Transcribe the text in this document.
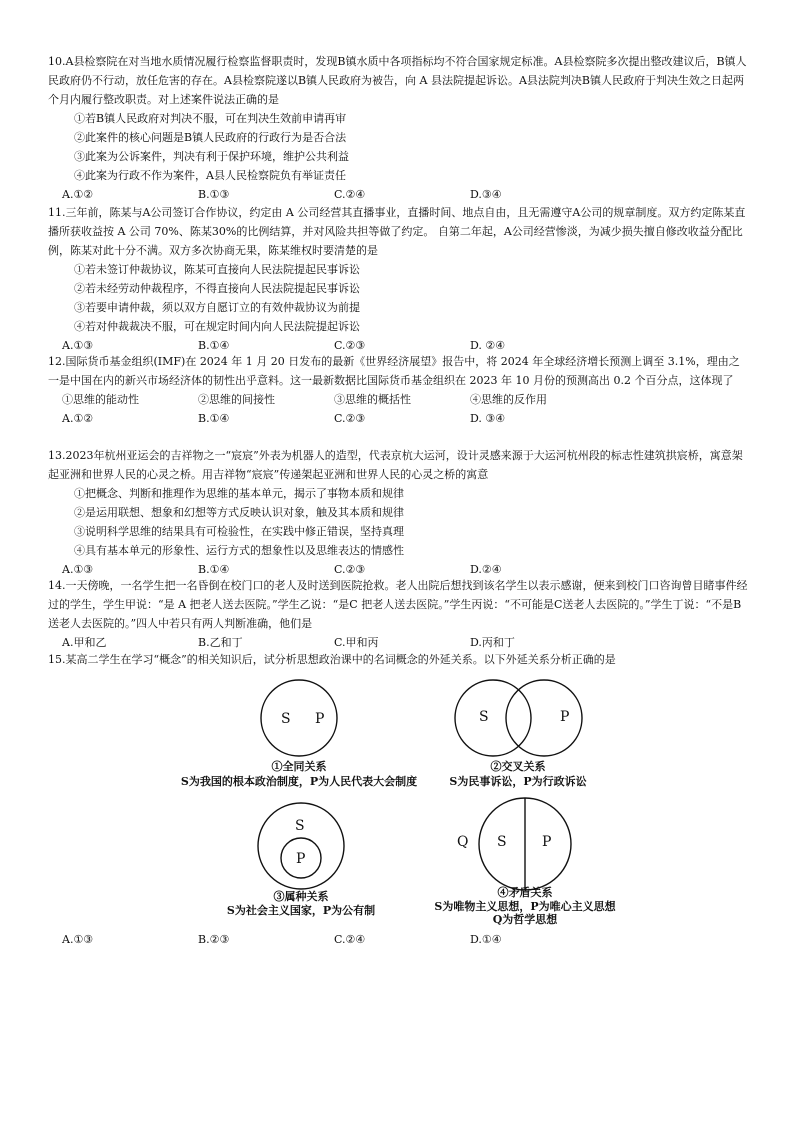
10.A县检察院在对当地水质情况履行检察监督职责时，发现B镇水质中各项指标均不符合国家规定标准。A县检察院多次提出整改建议后，B镇人民政府仍不行动，放任危害的存在。A县检察院遂以B镇人民政府为被告，向 A 县法院提起诉讼。A县法院判决B镇人民政府于判决生效之日起两个月内履行整改职责。对上述案件说法正确的是
①若B镇人民政府对判决不服，可在判决生效前申请再审
②此案件的核心问题是B镇人民政府的行政行为是否合法
③此案为公诉案件，判决有利于保护环境，维护公共利益
④此案为行政不作为案件，A县人民检察院负有举证责任
A.①②	B.①③	C.②④	D.③④
11.三年前，陈某与A公司签订合作协议，约定由 A 公司经营其直播事业，直播时间、地点自由，且无需遵守A公司的规章制度。双方约定陈某直播所获收益按 A 公司 70%、陈某30%的比例结算，并对风险共担等做了约定。 自第二年起，A公司经营惨淡，为减少损失擅自修改收益分配比例，陈某对此十分不满。双方多次协商无果，陈某维权时要清楚的是
①若未签订仲裁协议，陈某可直接向人民法院提起民事诉讼
②若未经劳动仲裁程序，不得直接向人民法院提起民事诉讼
③若要申请仲裁，须以双方自愿订立的有效仲裁协议为前提
④若对仲裁裁决不服，可在规定时间内向人民法院提起诉讼
A.①③	B.①④	C.②③	D. ②④
12.国际货币基金组织(IMF)在 2024 年 1 月 20 日发布的最新《世界经济展望》报告中，将 2024 年全球经济增长预测上调至 3.1%，理由之一是中国在内的新兴市场经济体的韧性出乎意料。这一最新数据比国际货币基金组织在 2023 年 10 月份的预测高出 0.2 个百分点，这体现了
①思维的能动性	②思维的间接性	③思维的概括性	④思维的反作用
A.①②	B.①④	C.②③	D. ③④
13.2023年杭州亚运会的吉祥物之一“宸宸”外表为机器人的造型，代表京杭大运河，设计灵感来源于大运河杭州段的标志性建筑拱宸桥，寓意架起亚洲和世界人民的心灵之桥。用吉祥物“宸宸”传递架起亚洲和世界人民的心灵之桥的寓意
①把概念、判断和推理作为思维的基本单元，揭示了事物本质和规律
②是运用联想、想象和幻想等方式反映认识对象，触及其本质和规律
③说明科学思维的结果具有可检验性，在实践中修正错误，坚持真理
④具有基本单元的形象性、运行方式的想象性以及思维表达的情感性
A.①③	B.①④	C.②③	D.②④
14.一天傍晚，一名学生把一名昏倒在校门口的老人及时送到医院抢救。老人出院后想找到该名学生以表示感谢，便来到校门口咨询曾目睹事件经过的学生，学生甲说：“是 A 把老人送去医院。”学生乙说：“是C 把老人送去医院。”学生丙说：“不可能是C送老人去医院的。”学生丁说：“不是B送老人去医院的。”四人中若只有两人判断准确，他们是
A.甲和乙	B.乙和丁	C.甲和丙	D.丙和丁
15.某高二学生在学习“概念”的相关知识后，试分析思想政治课中的名词概念的外延关系。以下外延关系分析正确的是
S P	S	P
S
P
Q S	P
①全同关系
S为我国的根本政治制度，P为人民代表大会制度
②交叉关系
S为民事诉讼，P为行政诉讼
③属种关系
S为社会主义国家，P为公有制
④矛盾关系
S为唯物主义思想，P为唯心主义思想
Q为哲学思想
A.①③	B.②③	C.②④	D.①④
